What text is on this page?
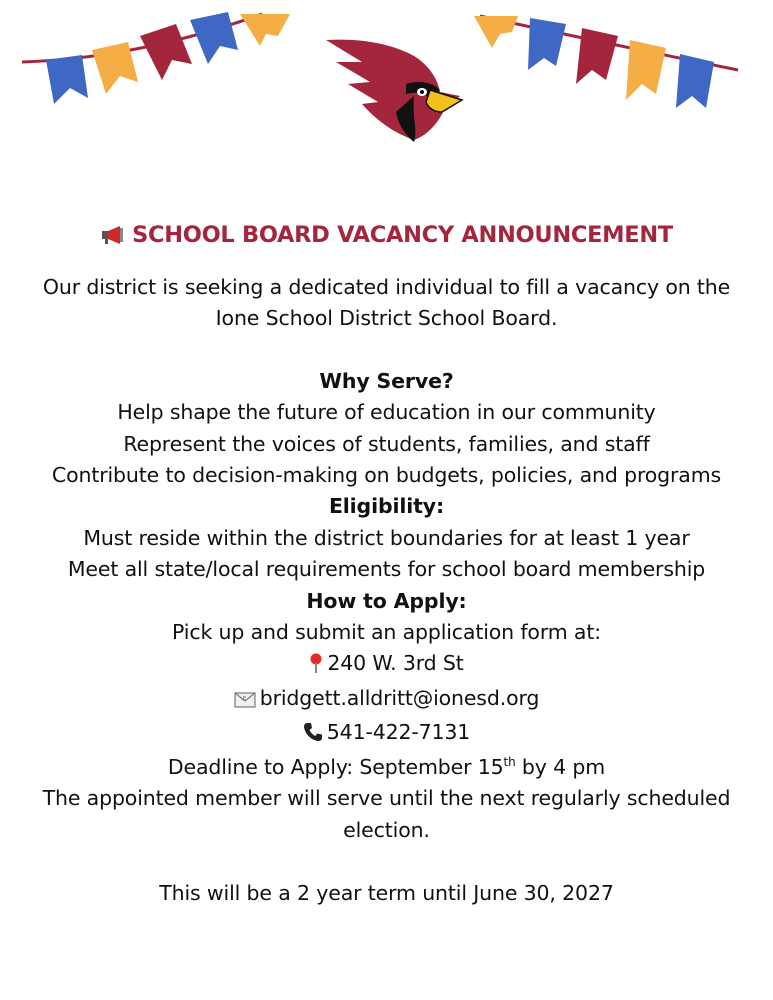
SCHOOL BOARD VACANCY ANNOUNCEMENT

Our district is seeking a dedicated individual to fill a vacancy on the

Ione School District School Board.

Why Serve?

Help shape the future of education in our community

Represent the voices of students, families, and staff

Contribute to decision-making on budgets, policies, and programs

Eligibility:

Must reside within the district boundaries for at least 1 year

Meet all state/local requirements for school board membership

How to Apply:

Pick up and submit an application form at:

240 W. 3rd St

E bridgett.alldritt@ionesd.org

541-422-7131

Deadline to Apply: September 15th by 4 pm

The appointed member will serve until the next regularly scheduled election.

This will be a 2 year term until June 30, 2027
